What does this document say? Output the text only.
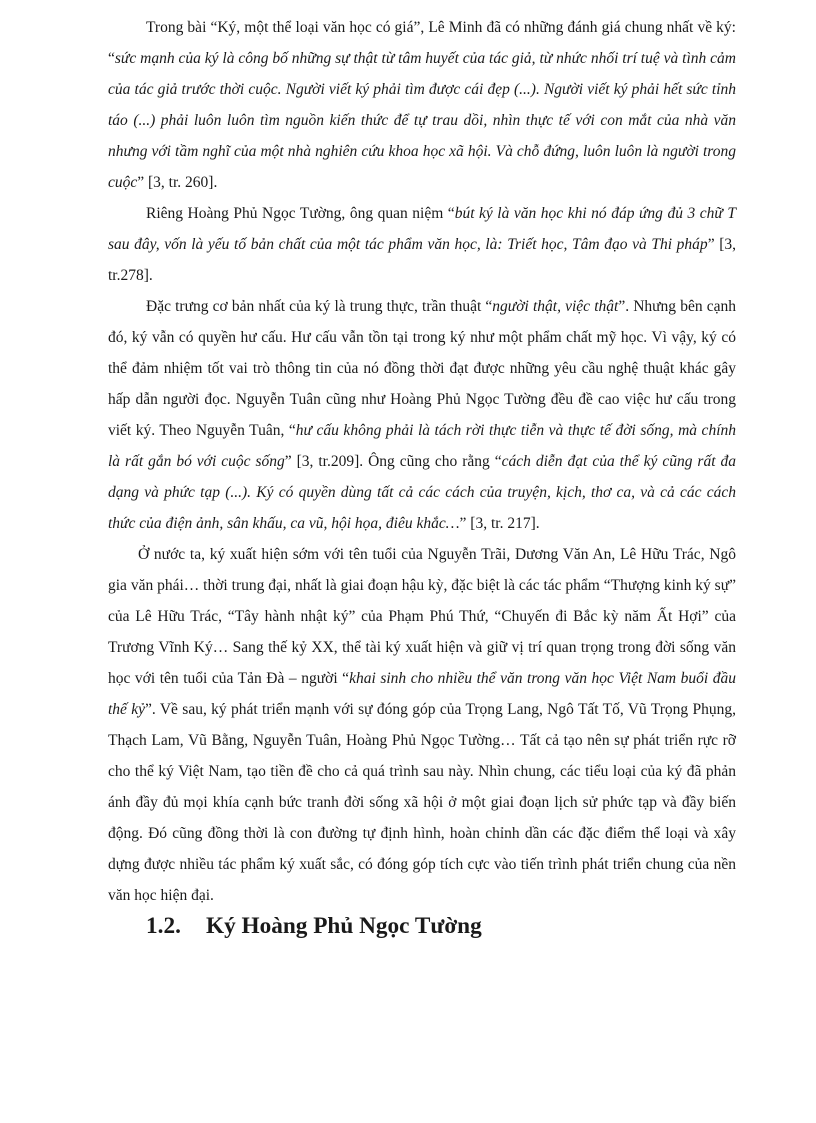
Trong bài “Ký, một thể loại văn học có giá”, Lê Minh đã có những đánh giá chung nhất về ký: “sức mạnh của ký là công bố những sự thật từ tâm huyết của tác giả, từ nhức nhối trí tuệ và tình cảm của tác giả trước thời cuộc. Người viết ký phải tìm được cái đẹp (...). Người viết ký phải hết sức tỉnh táo (...) phải luôn luôn tìm nguồn kiến thức để tự trau dồi, nhìn thực tế với con mắt của nhà văn nhưng với tầm nghĩ của một nhà nghiên cứu khoa học xã hội. Và chỗ đứng, luôn luôn là người trong cuộc” [3, tr. 260].

Riêng Hoàng Phủ Ngọc Tường, ông quan niệm “bút ký là văn học khi nó đáp ứng đủ 3 chữ T sau đây, vốn là yếu tố bản chất của một tác phẩm văn học, là: Triết học, Tâm đạo và Thi pháp” [3, tr.278].

Đặc trưng cơ bản nhất của ký là trung thực, trần thuật “người thật, việc thật”. Nhưng bên cạnh đó, ký vẫn có quyền hư cấu. Hư cấu vẫn tồn tại trong ký như một phẩm chất mỹ học. Vì vậy, ký có thể đảm nhiệm tốt vai trò thông tin của nó đồng thời đạt được những yêu cầu nghệ thuật khác gây hấp dẫn người đọc. Nguyễn Tuân cũng như Hoàng Phủ Ngọc Tường đều đề cao việc hư cấu trong viết ký. Theo Nguyễn Tuân, “hư cấu không phải là tách rời thực tiễn và thực tế đời sống, mà chính là rất gắn bó với cuộc sống” [3, tr.209]. Ông cũng cho rằng “cách diễn đạt của thể ký cũng rất đa dạng và phức tạp (...). Ký có quyền dùng tất cả các cách của truyện, kịch, thơ ca, và cả các cách thức của điện ảnh, sân khấu, ca vũ, hội họa, điêu khắc…” [3, tr. 217].

Ở nước ta, ký xuất hiện sớm với tên tuổi của Nguyễn Trãi, Dương Văn An, Lê Hữu Trác, Ngô gia văn phái… thời trung đại, nhất là giai đoạn hậu kỳ, đặc biệt là các tác phẩm “Thượng kinh ký sự” của Lê Hữu Trác, “Tây hành nhật ký” của Phạm Phú Thứ, “Chuyến đi Bắc kỳ năm Ất Hợi” của Trương Vĩnh Ký… Sang thế kỷ XX, thể tài ký xuất hiện và giữ vị trí quan trọng trong đời sống văn học với tên tuổi của Tản Đà – người “khai sinh cho nhiều thể văn trong văn học Việt Nam buổi đầu thế kỷ”. Về sau, ký phát triển mạnh với sự đóng góp của Trọng Lang, Ngô Tất Tố, Vũ Trọng Phụng, Thạch Lam, Vũ Bằng, Nguyễn Tuân, Hoàng Phủ Ngọc Tường… Tất cả tạo nên sự phát triển rực rỡ cho thể ký Việt Nam, tạo tiền đề cho cả quá trình sau này. Nhìn chung, các tiểu loại của ký đã phản ánh đầy đủ mọi khía cạnh bức tranh đời sống xã hội ở một giai đoạn lịch sử phức tạp và đầy biến động. Đó cũng đồng thời là con đường tự định hình, hoàn chỉnh dần các đặc điểm thể loại và xây dựng được nhiều tác phẩm ký xuất sắc, có đóng góp tích cực vào tiến trình phát triển chung của nền văn học hiện đại.

1.2. Ký Hoàng Phủ Ngọc Tường
